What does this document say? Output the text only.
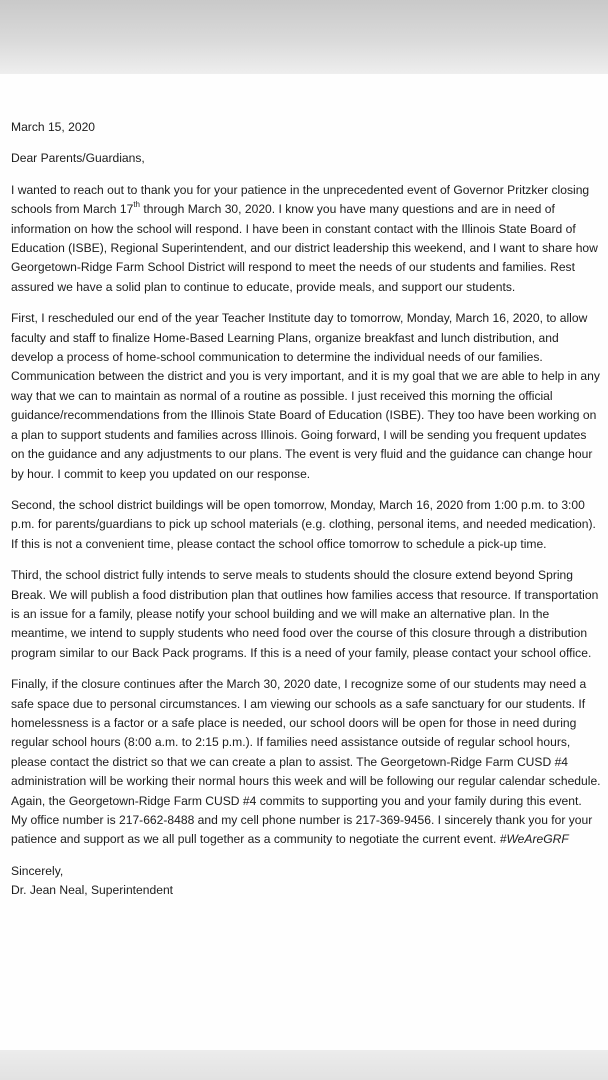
March 15, 2020

Dear Parents/Guardians,

I wanted to reach out to thank you for your patience in the unprecedented event of Governor Pritzker closing schools from March 17th through March 30, 2020. I know you have many questions and are in need of information on how the school will respond. I have been in constant contact with the Illinois State Board of Education (ISBE), Regional Superintendent, and our district leadership this weekend, and I want to share how Georgetown-Ridge Farm School District will respond to meet the needs of our students and families. Rest assured we have a solid plan to continue to educate, provide meals, and support our students.

First, I rescheduled our end of the year Teacher Institute day to tomorrow, Monday, March 16, 2020, to allow faculty and staff to finalize Home-Based Learning Plans, organize breakfast and lunch distribution, and develop a process of home-school communication to determine the individual needs of our families. Communication between the district and you is very important, and it is my goal that we are able to help in any way that we can to maintain as normal of a routine as possible. I just received this morning the official guidance/recommendations from the Illinois State Board of Education (ISBE). They too have been working on a plan to support students and families across Illinois. Going forward, I will be sending you frequent updates on the guidance and any adjustments to our plans. The event is very fluid and the guidance can change hour by hour. I commit to keep you updated on our response.

Second, the school district buildings will be open tomorrow, Monday, March 16, 2020 from 1:00 p.m. to 3:00 p.m. for parents/guardians to pick up school materials (e.g. clothing, personal items, and needed medication). If this is not a convenient time, please contact the school office tomorrow to schedule a pick-up time.

Third, the school district fully intends to serve meals to students should the closure extend beyond Spring Break. We will publish a food distribution plan that outlines how families access that resource. If transportation is an issue for a family, please notify your school building and we will make an alternative plan. In the meantime, we intend to supply students who need food over the course of this closure through a distribution program similar to our Back Pack programs. If this is a need of your family, please contact your school office.

Finally, if the closure continues after the March 30, 2020 date, I recognize some of our students may need a safe space due to personal circumstances. I am viewing our schools as a safe sanctuary for our students. If homelessness is a factor or a safe place is needed, our school doors will be open for those in need during regular school hours (8:00 a.m. to 2:15 p.m.). If families need assistance outside of regular school hours, please contact the district so that we can create a plan to assist. The Georgetown-Ridge Farm CUSD #4 administration will be working their normal hours this week and will be following our regular calendar schedule. Again, the Georgetown-Ridge Farm CUSD #4 commits to supporting you and your family during this event. My office number is 217-662-8488 and my cell phone number is 217-369-9456. I sincerely thank you for your patience and support as we all pull together as a community to negotiate the current event. #WeAreGRF

Sincerely,

Dr. Jean Neal, Superintendent
